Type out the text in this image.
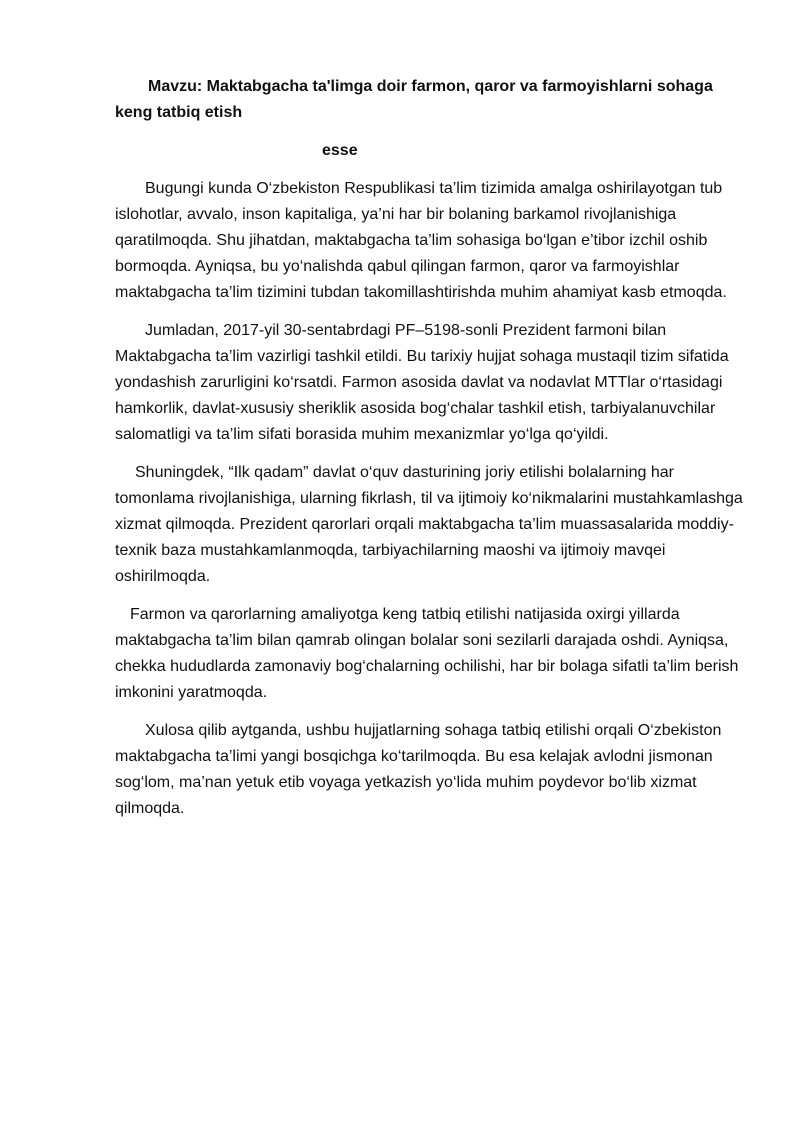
Mavzu: Maktabgacha ta'limga doir farmon, qaror va farmoyishlarni sohaga keng tatbiq etish

esse

Bugungi kunda O‘zbekiston Respublikasi ta’lim tizimida amalga oshirilayotgan tub islohotlar, avvalo, inson kapitaliga, ya’ni har bir bolaning barkamol rivojlanishiga qaratilmoqda. Shu jihatdan, maktabgacha ta’lim sohasiga bo‘lgan e’tibor izchil oshib bormoqda. Ayniqsa, bu yo‘nalishda qabul qilingan farmon, qaror va farmoyishlar maktabgacha ta’lim tizimini tubdan takomillashtirishda muhim ahamiyat kasb etmoqda.

Jumladan, 2017-yil 30-sentabrdagi PF–5198-sonli Prezident farmoni bilan Maktabgacha ta’lim vazirligi tashkil etildi. Bu tarixiy hujjat sohaga mustaqil tizim sifatida yondashish zarurligini ko‘rsatdi. Farmon asosida davlat va nodavlat MTTlar o‘rtasidagi hamkorlik, davlat-xususiy sheriklik asosida bog‘chalar tashkil etish, tarbiyalanuvchilar salomatligi va ta’lim sifati borasida muhim mexanizmlar yo‘lga qo‘yildi.

Shuningdek, “Ilk qadam” davlat o‘quv dasturining joriy etilishi bolalarning har tomonlama rivojlanishiga, ularning fikrlash, til va ijtimoiy ko‘nikmalarini mustahkamlashga xizmat qilmoqda. Prezident qarorlari orqali maktabgacha ta’lim muassasalarida moddiy-texnik baza mustahkamlanmoqda, tarbiyachilarning maoshi va ijtimoiy mavqei oshirilmoqda.

Farmon va qarorlarning amaliyotga keng tatbiq etilishi natijasida oxirgi yillarda maktabgacha ta’lim bilan qamrab olingan bolalar soni sezilarli darajada oshdi. Ayniqsa, chekka hududlarda zamonaviy bog‘chalarning ochilishi, har bir bolaga sifatli ta’lim berish imkonini yaratmoqda.

Xulosa qilib aytganda, ushbu hujjatlarning sohaga tatbiq etilishi orqali O‘zbekiston maktabgacha ta’limi yangi bosqichga ko‘tarilmoqda. Bu esa kelajak avlodni jismonan sog‘lom, ma’nan yetuk etib voyaga yetkazish yo‘lida muhim poydevor bo‘lib xizmat qilmoqda.
